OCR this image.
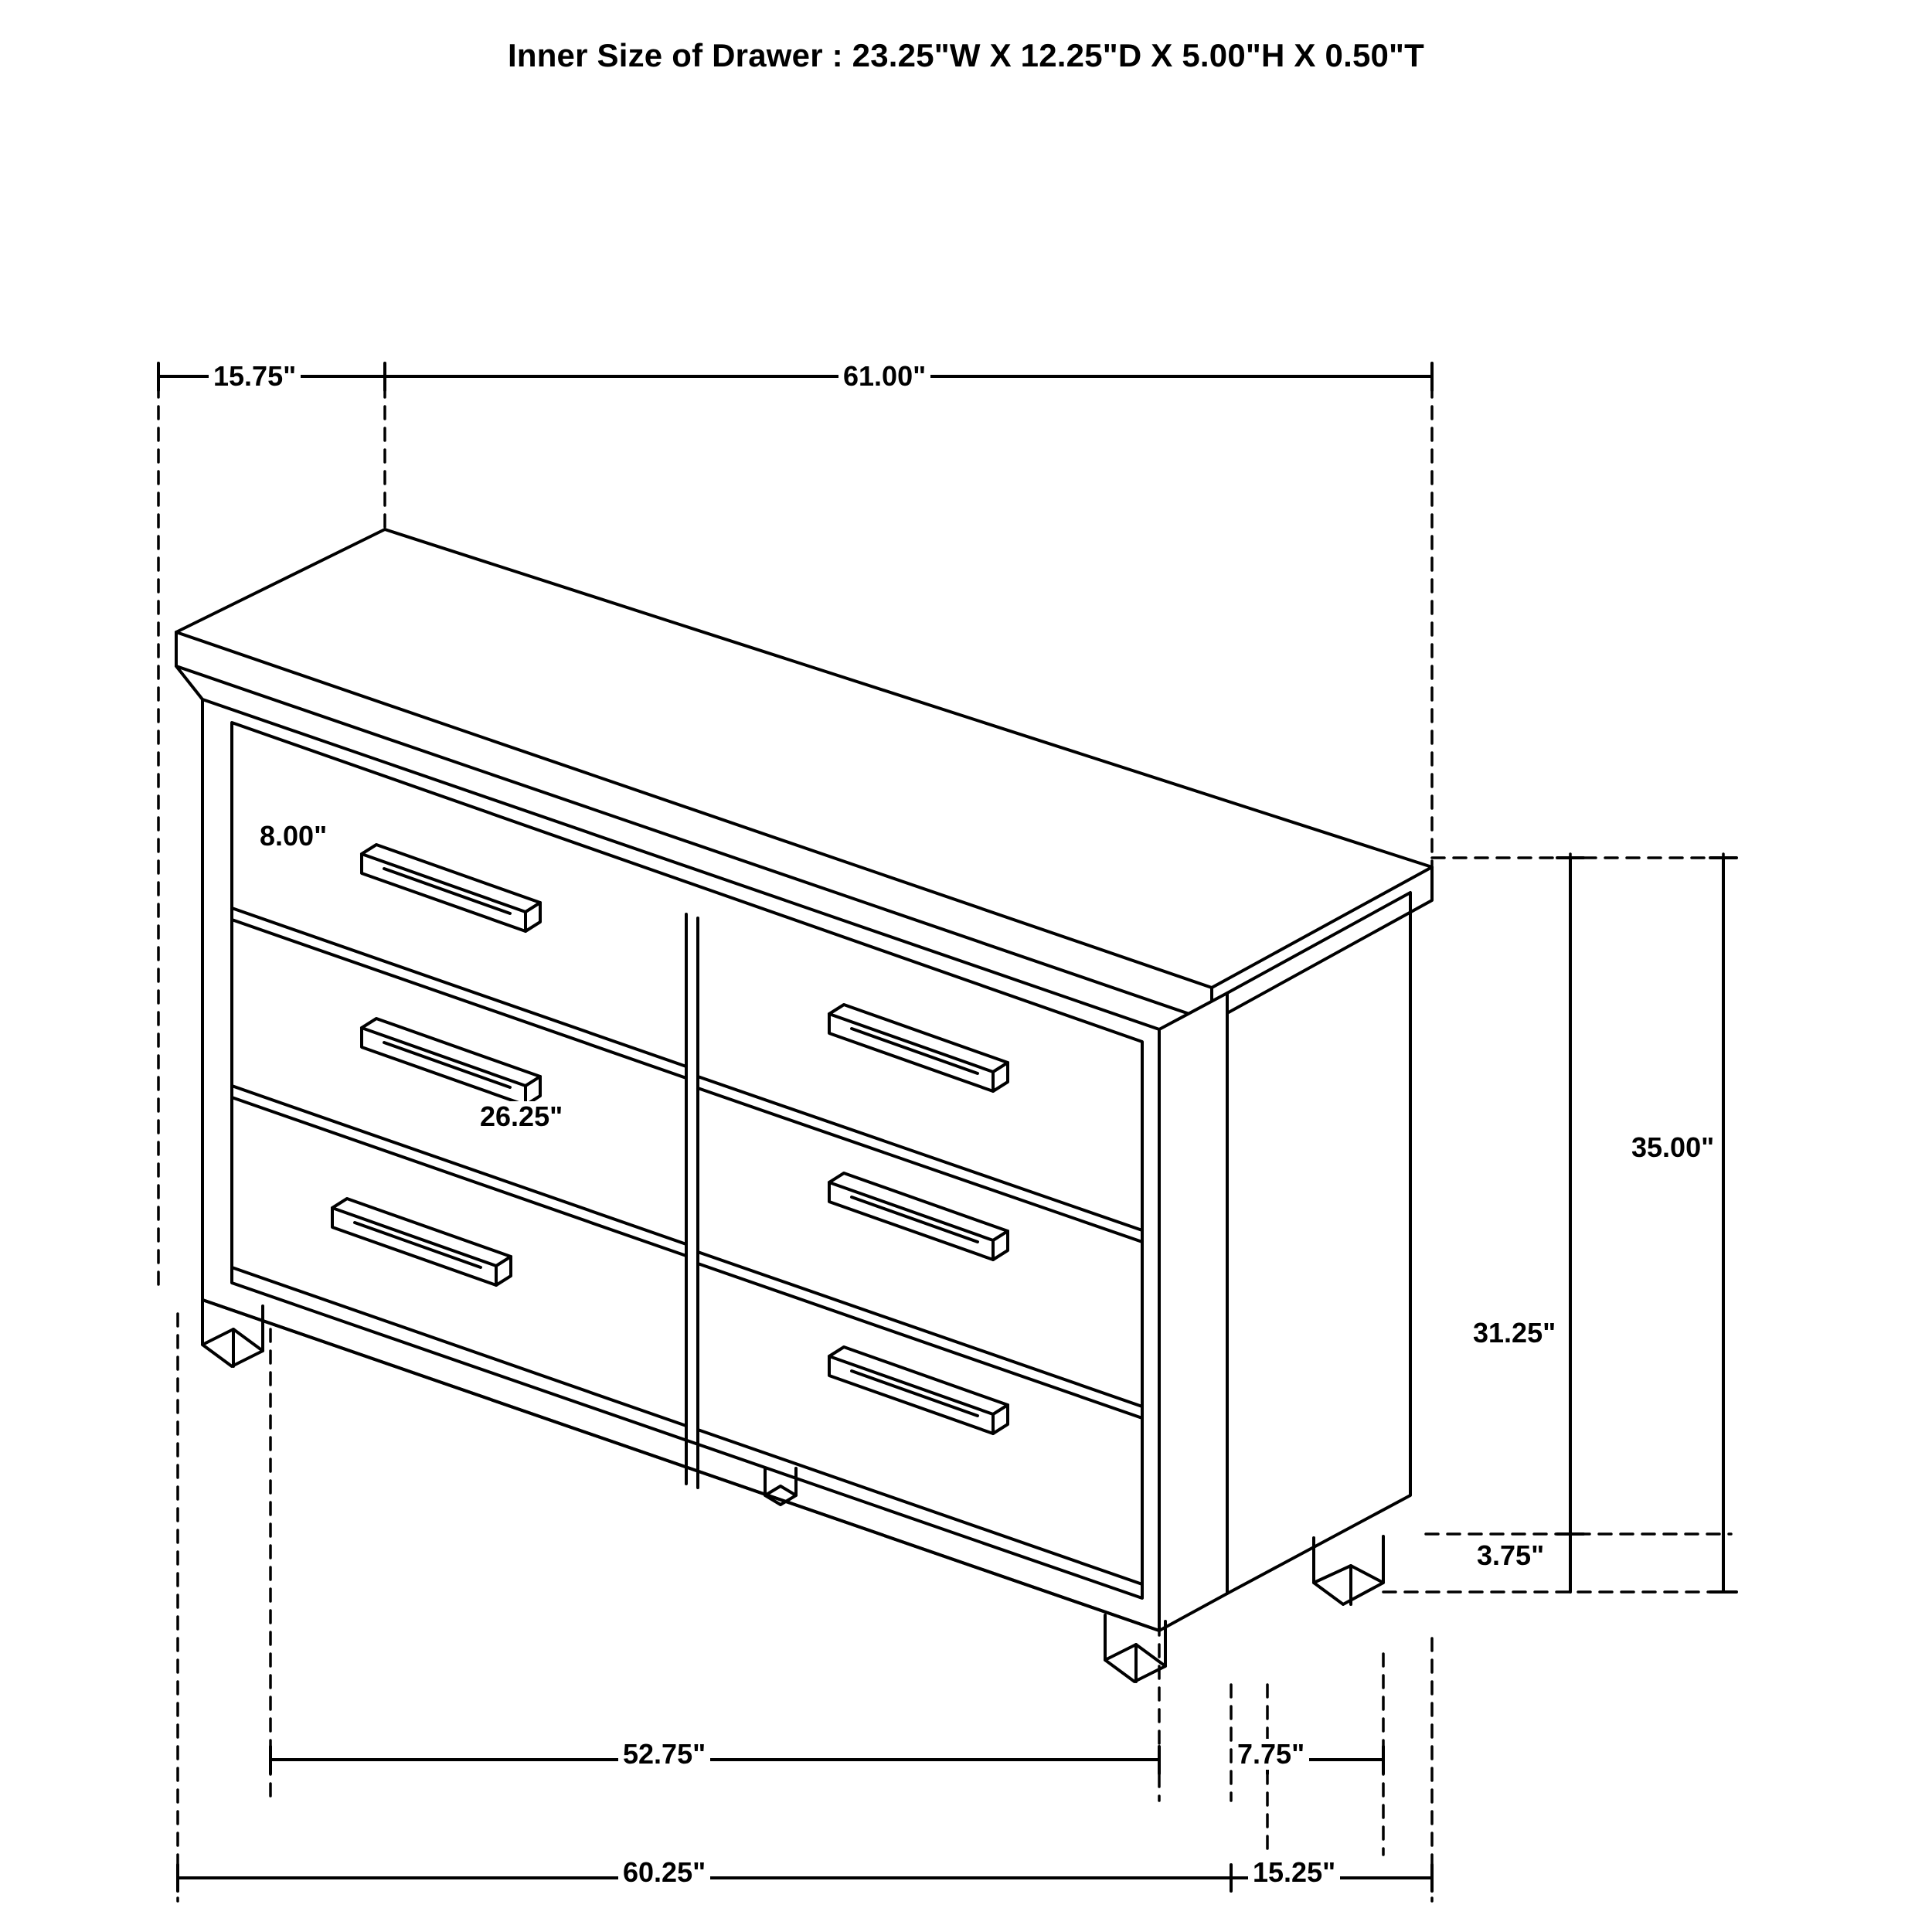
Inner Size of Drawer : 23.25"W X 12.25"D X 5.00"H X 0.50"T
15.75"	61.00"
8.00"
26.25"
35.00"
31.25"
3.75"
52.75"	7.75"
60.25"	15.25"
